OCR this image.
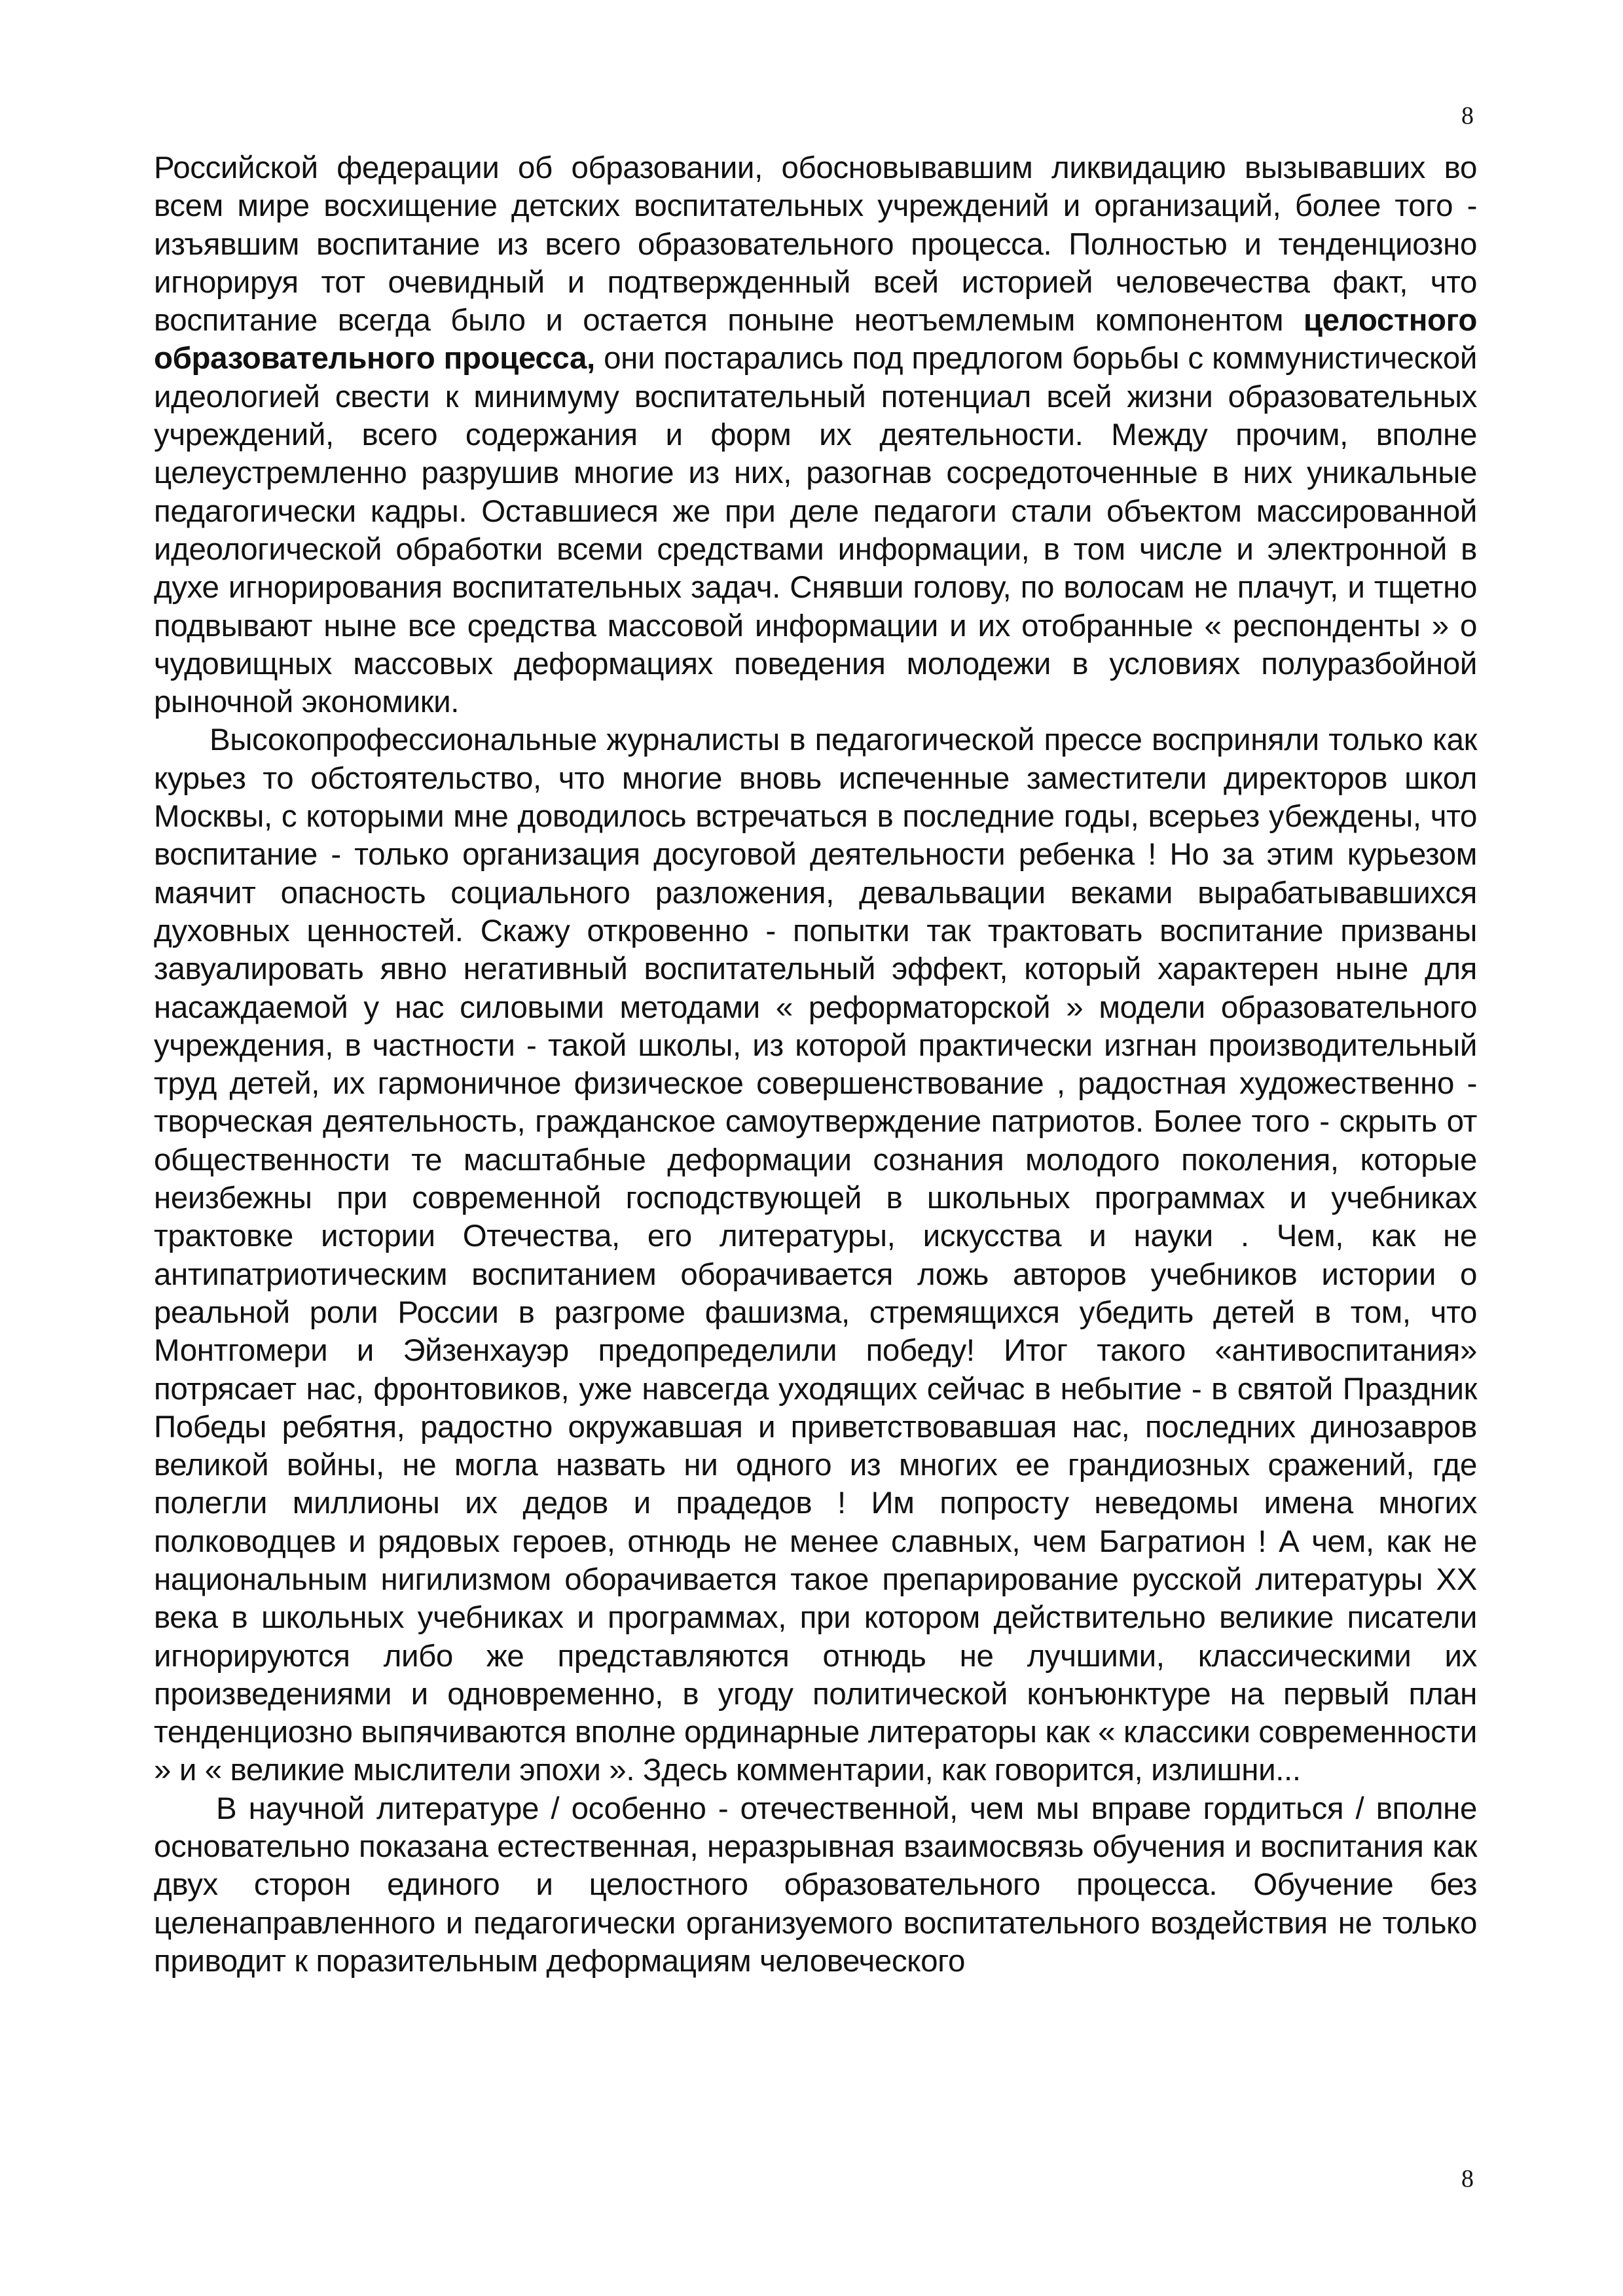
8

Российской федерации об образовании, обосновывавшим ликвидацию вызывавших во всем мире восхищение детских воспитательных учреждений и организаций, более того - изъявшим воспитание из всего образовательного процесса. Полностью и тенденциозно игнорируя тот очевидный и подтвержденный всей историей человечества факт, что воспитание всегда было и остается поныне неотъемлемым компонентом целостного образовательного процесса, они постарались под предлогом борьбы с коммунистической идеологией свести к минимуму воспитательный потенциал всей жизни образовательных учреждений, всего содержания и форм их деятельности. Между прочим, вполне целеустремленно разрушив многие из них, разогнав сосредоточенные в них уникальные педагогически кадры. Оставшиеся же при деле педагоги стали объектом массированной идеологической обработки всеми средствами информации, в том числе и электронной в духе игнорирования воспитательных задач. Снявши голову, по волосам не плачут, и тщетно подвывают ныне все средства массовой информации и их отобранные « респонденты » о чудовищных массовых деформациях поведения молодежи в условиях полуразбойной рыночной экономики.

Высокопрофессиональные журналисты в педагогической прессе восприняли только как курьез то обстоятельство, что многие вновь испеченные заместители директоров школ Москвы, с которыми мне доводилось встречаться в последние годы, всерьез убеждены, что воспитание - только организация досуговой деятельности ребенка ! Но за этим курьезом маячит опасность социального разложения, девальвации веками вырабатывавшихся духовных ценностей. Скажу откровенно - попытки так трактовать воспитание призваны завуалировать явно негативный воспитательный эффект, который характерен ныне для насаждаемой у нас силовыми методами « реформаторской » модели образовательного учреждения, в частности - такой школы, из которой практически изгнан производительный труд детей, их гармоничное физическое совершенствование , радостная художественно - творческая деятельность, гражданское самоутверждение патриотов. Более того - скрыть от общественности те масштабные деформации сознания молодого поколения, которые неизбежны при современной господствующей в школьных программах и учебниках трактовке истории Отечества, его литературы, искусства и науки . Чем, как не антипатриотическим воспитанием оборачивается ложь авторов учебников истории о реальной роли России в разгроме фашизма, стремящихся убедить детей в том, что Монтгомери и Эйзенхауэр предопределили победу! Итог такого «антивоспитания» потрясает нас, фронтовиков, уже навсегда уходящих сейчас в небытие - в святой Праздник Победы ребятня, радостно окружавшая и приветствовавшая нас, последних динозавров великой войны, не могла назвать ни одного из многих ее грандиозных сражений, где полегли миллионы их дедов и прадедов ! Им попросту неведомы имена многих полководцев и рядовых героев, отнюдь не менее славных, чем Багратион ! А чем, как не национальным нигилизмом оборачивается такое препарирование русской литературы XX века в школьных учебниках и программах, при котором действительно великие писатели игнорируются либо же представляются отнюдь не лучшими, классическими их произведениями и одновременно, в угоду политической конъюнктуре на первый план тенденциозно выпячиваются вполне ординарные литераторы как « классики современности » и « великие мыслители эпохи ». Здесь комментарии, как говорится, излишни...

В научной литературе / особенно - отечественной, чем мы вправе гордиться / вполне основательно показана естественная, неразрывная взаимосвязь обучения и воспитания как двух сторон единого и целостного образовательного процесса. Обучение без целенаправленного и педагогически организуемого воспитательного воздействия не только приводит к поразительным деформациям человеческого

8
